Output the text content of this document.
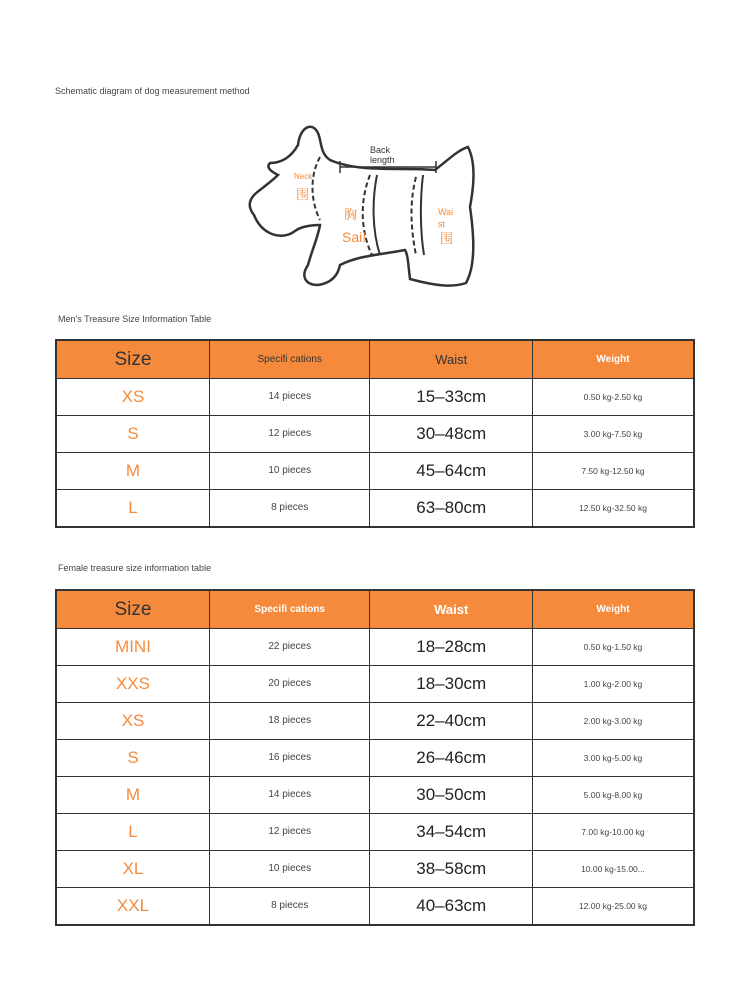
Schematic diagram of dog measurement method
Back length
Neck
围
胸
Sai!
Wai st
围
Men's Treasure Size Information Table
Size	Specifi cations	Waist	Weight
XS	14 pieces	15–33cm	0.50 kg-2.50 kg
S	12 pieces	30–48cm	3.00 kg-7.50 kg
M	10 pieces	45–64cm	7.50 kg-12.50 kg
L	8 pieces	63–80cm	12.50 kg-32.50 kg
Female treasure size information table
Size	Specifi cations	Waist	Weight
MINI	22 pieces	18–28cm	0.50 kg-1.50 kg
XXS	20 pieces	18–30cm	1.00 kg-2.00 kg
XS	18 pieces	22–40cm	2.00 kg-3.00 kg
S	16 pieces	26–46cm	3.00 kg-5.00 kg
M	14 pieces	30–50cm	5.00 kg-8.00 kg
L	12 pieces	34–54cm	7.00 kg-10.00 kg
XL	10 pieces	38–58cm	10.00 kg-15.00...
XXL	8 pieces	40–63cm	12.00 kg-25.00 kg
